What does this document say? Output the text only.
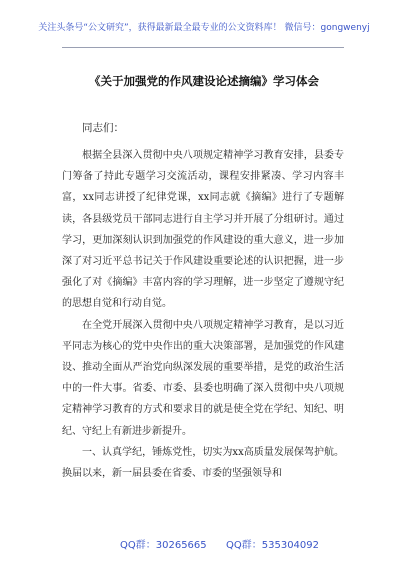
关注头条号“公文研究”，获得最新最全最专业的公文资料库！ 微信号：gongwenyj
《关于加强党的作风建设论述摘编》学习体会

同志们：

根据全县深入贯彻中央八项规定精神学习教育安排，县委专门筹备了持此专题学习交流活动，课程安排紧凑、学习内容丰富，xx同志讲授了纪律党课，xx同志就《摘编》进行了专题解读，各县级党员干部同志进行自主学习并开展了分组研讨。通过学习，更加深刻认识到加强党的作风建设的重大意义，进一步加深了对习近平总书记关于作风建设重要论述的认识把握，进一步强化了对《摘编》丰富内容的学习理解，进一步坚定了遵规守纪的思想自觉和行动自觉。

在全党开展深入贯彻中央八项规定精神学习教育，是以习近平同志为核心的党中央作出的重大决策部署，是加强党的作风建设、推动全面从严治党向纵深发展的重要举措，是党的政治生活中的一件大事。省委、市委、县委也明确了深入贯彻中央八项规定精神学习教育的方式和要求目的就是使全党在学纪、知纪、明纪、守纪上有新进步新提升。

一、认真学纪，锤炼党性，切实为xx高质量发展保驾护航。换届以来，新一届县委在省委、市委的坚强领导和

QQ群：30265665 QQ群：535304092
